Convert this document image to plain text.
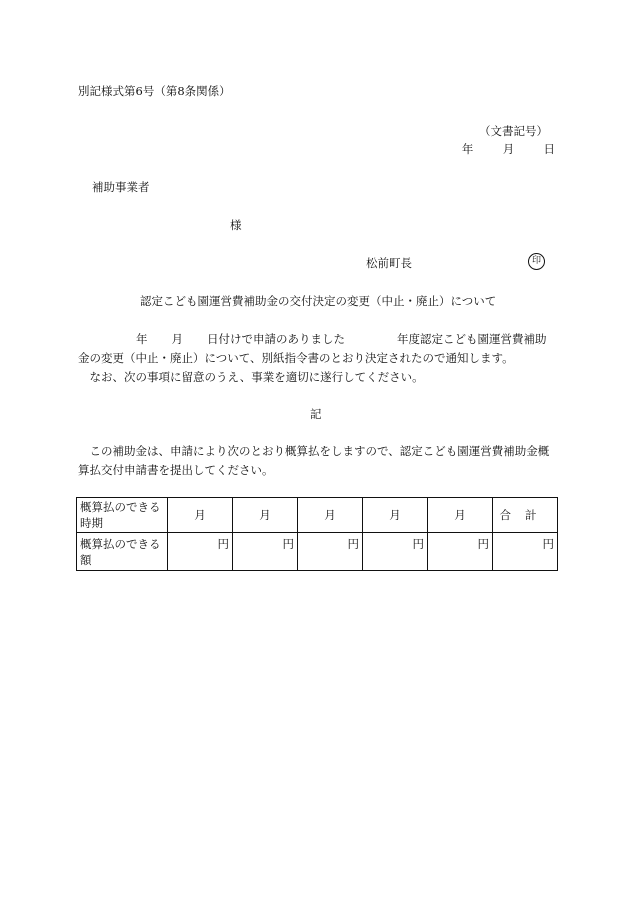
別記様式第6号（第8条関係）
（文書記号）
年	月	日
補助事業者
様
松前町長	印
認定こども園運営費補助金の交付決定の変更（中止・廃止）について
年 月 日付けで申請のありました	年度認定こども園運営費補助
金の変更（中止・廃止）について、別紙指令書のとおり決定されたので通知します。
　なお、次の事項に留意のうえ、事業を適切に遂行してください。
記
　この補助金は、申請により次のとおり概算払をしますので、認定こども園運営費補助金概算払交付申請書を提出してください。
概算払のできる時期	月	月	月	月	月	合計
概算払のできる額	円	円	円	円	円	円
